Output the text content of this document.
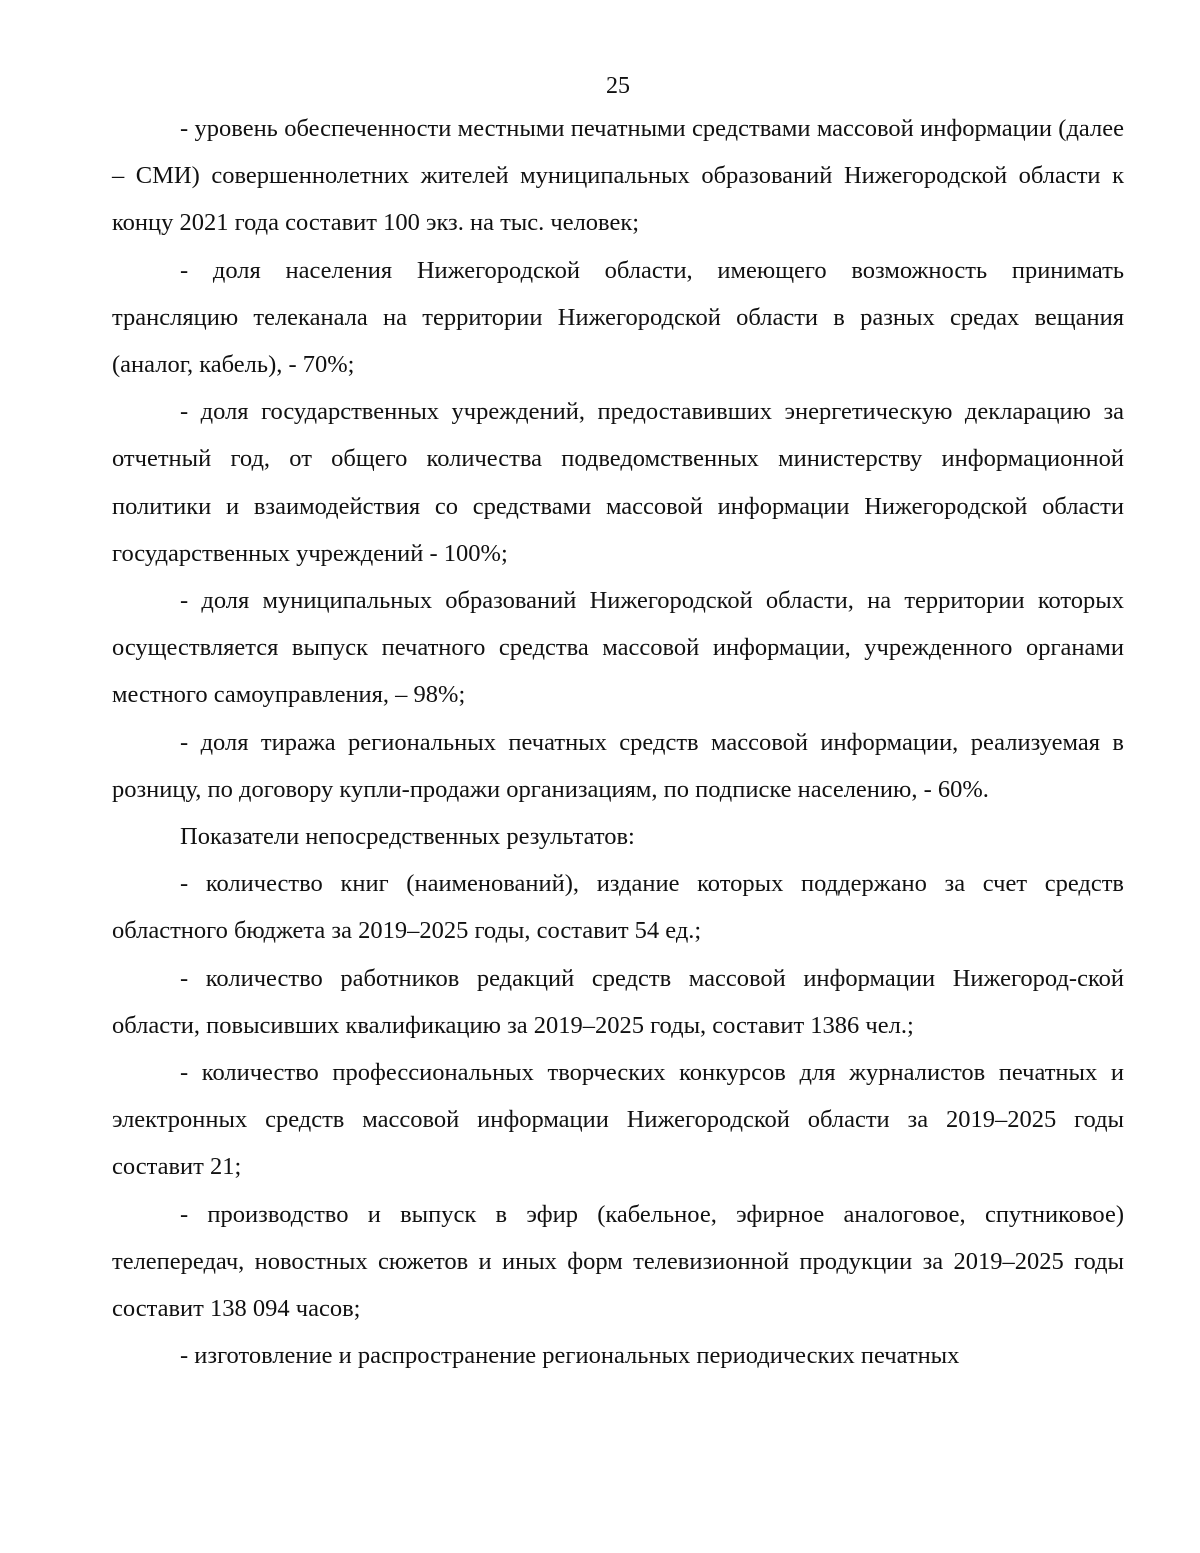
25

- уровень обеспеченности местными печатными средствами массовой информации (далее – СМИ) совершеннолетних жителей муниципальных образований Нижегородской области к концу 2021 года составит 100 экз. на тыс. человек;

- доля населения Нижегородской области, имеющего возможность принимать трансляцию телеканала на территории Нижегородской области в разных средах вещания (аналог, кабель), - 70%;

- доля государственных учреждений, предоставивших энергетическую декларацию за отчетный год, от общего количества подведомственных министерству информационной политики и взаимодействия со средствами массовой информации Нижегородской области государственных учреждений - 100%;

- доля муниципальных образований Нижегородской области, на территории которых осуществляется выпуск печатного средства массовой информации, учрежденного органами местного самоуправления, – 98%;

- доля тиража региональных печатных средств массовой информации, реализуемая в розницу, по договору купли-продажи организациям, по подписке населению, - 60%.

Показатели непосредственных результатов:

- количество книг (наименований), издание которых поддержано за счет средств областного бюджета за 2019–2025 годы, составит 54 ед.;

- количество работников редакций средств массовой информации Нижегород-ской области, повысивших квалификацию за 2019–2025 годы, составит 1386 чел.;

- количество профессиональных творческих конкурсов для журналистов печатных и электронных средств массовой информации Нижегородской области за 2019–2025 годы составит 21;

- производство и выпуск в эфир (кабельное, эфирное аналоговое, спутниковое) телепередач, новостных сюжетов и иных форм телевизионной продукции за 2019–2025 годы составит 138 094 часов;

- изготовление и распространение региональных периодических печатных
